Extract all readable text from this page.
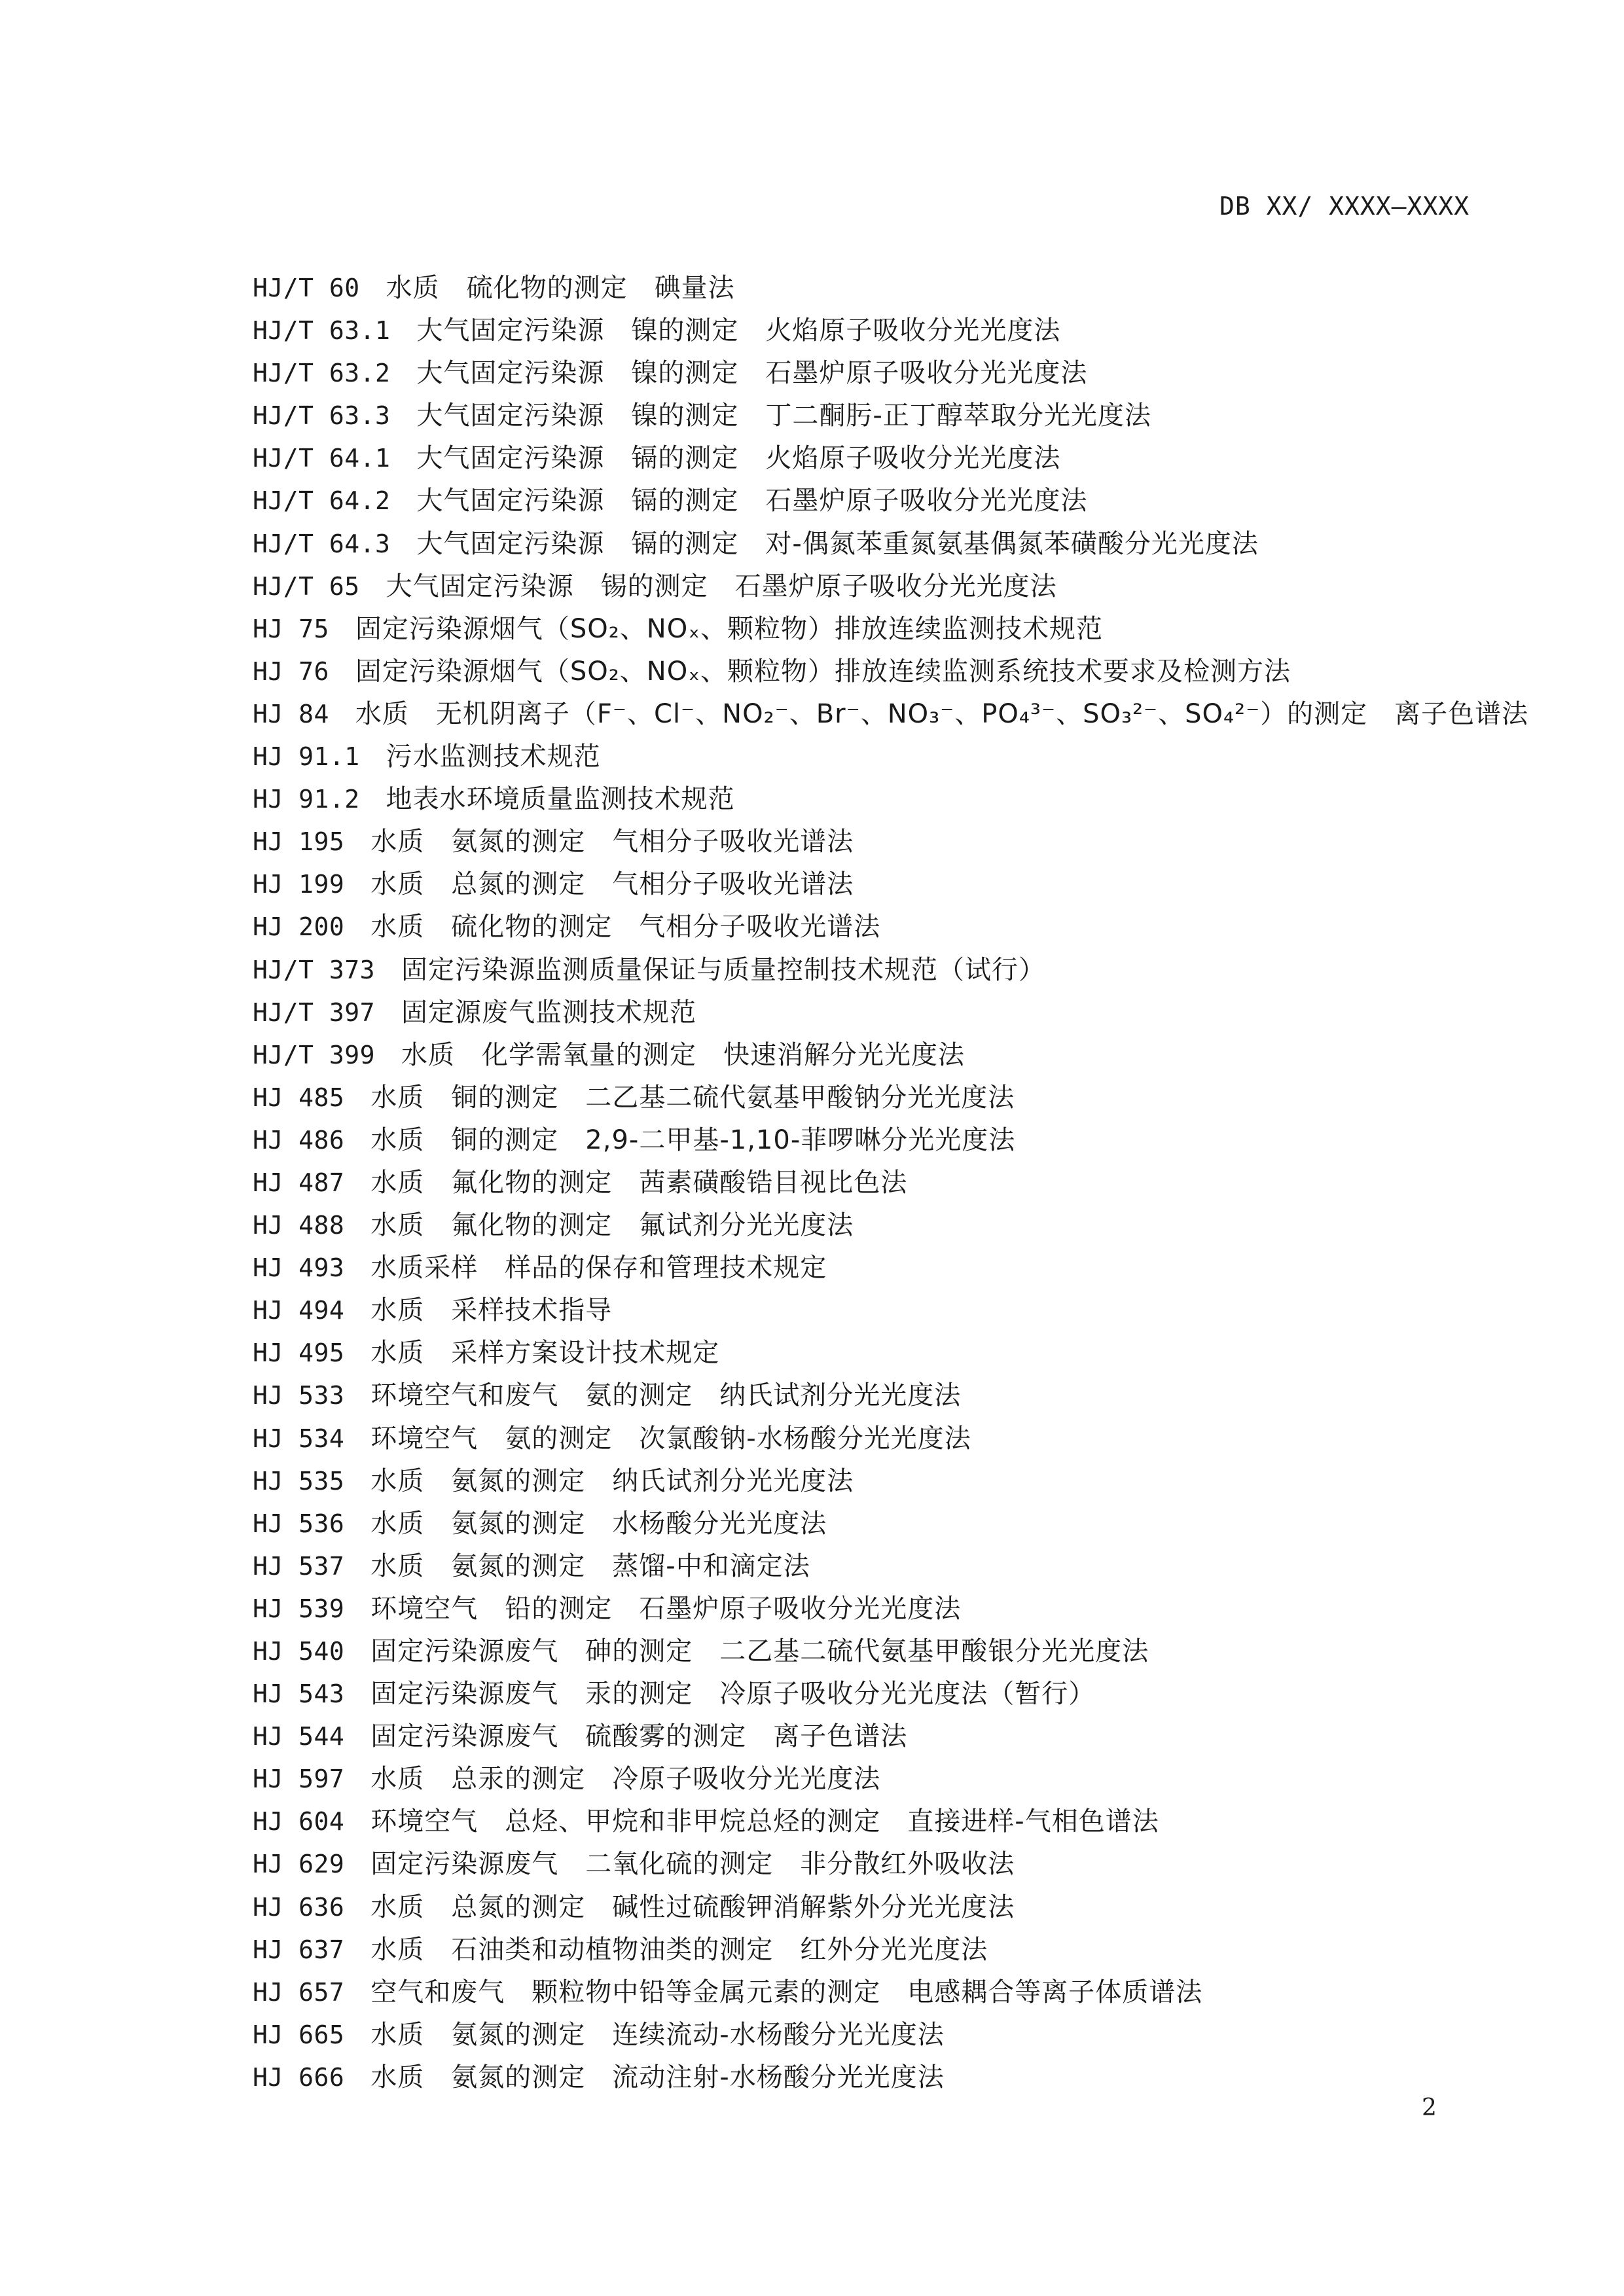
DB XX/ XXXX—XXXX
HJ/T 60  水质　硫化物的测定　碘量法
HJ/T 63.1  大气固定污染源　镍的测定　火焰原子吸收分光光度法
HJ/T 63.2  大气固定污染源　镍的测定　石墨炉原子吸收分光光度法
HJ/T 63.3  大气固定污染源　镍的测定　丁二酮肟-正丁醇萃取分光光度法
HJ/T 64.1  大气固定污染源　镉的测定　火焰原子吸收分光光度法
HJ/T 64.2  大气固定污染源　镉的测定　石墨炉原子吸收分光光度法
HJ/T 64.3  大气固定污染源　镉的测定　对-偶氮苯重氮氨基偶氮苯磺酸分光光度法
HJ/T 65  大气固定污染源　锡的测定　石墨炉原子吸收分光光度法
HJ 75  固定污染源烟气（SO₂、NOₓ、颗粒物）排放连续监测技术规范
HJ 76  固定污染源烟气（SO₂、NOₓ、颗粒物）排放连续监测系统技术要求及检测方法
HJ 84  水质　无机阴离子（F⁻、Cl⁻、NO₂⁻、Br⁻、NO₃⁻、PO₄³⁻、SO₃²⁻、SO₄²⁻）的测定　离子色谱法
HJ 91.1  污水监测技术规范
HJ 91.2  地表水环境质量监测技术规范
HJ 195  水质　氨氮的测定　气相分子吸收光谱法
HJ 199  水质　总氮的测定　气相分子吸收光谱法
HJ 200  水质　硫化物的测定　气相分子吸收光谱法
HJ/T 373  固定污染源监测质量保证与质量控制技术规范（试行）
HJ/T 397  固定源废气监测技术规范
HJ/T 399  水质　化学需氧量的测定　快速消解分光光度法
HJ 485  水质　铜的测定　二乙基二硫代氨基甲酸钠分光光度法
HJ 486  水质　铜的测定　2,9-二甲基-1,10-菲啰啉分光光度法
HJ 487  水质　氟化物的测定　茜素磺酸锆目视比色法
HJ 488  水质　氟化物的测定　氟试剂分光光度法
HJ 493  水质采样　样品的保存和管理技术规定
HJ 494  水质　采样技术指导
HJ 495  水质　采样方案设计技术规定
HJ 533  环境空气和废气　氨的测定　纳氏试剂分光光度法
HJ 534  环境空气　氨的测定　次氯酸钠-水杨酸分光光度法
HJ 535  水质　氨氮的测定　纳氏试剂分光光度法
HJ 536  水质　氨氮的测定　水杨酸分光光度法
HJ 537  水质　氨氮的测定　蒸馏-中和滴定法
HJ 539  环境空气　铅的测定　石墨炉原子吸收分光光度法
HJ 540  固定污染源废气　砷的测定　二乙基二硫代氨基甲酸银分光光度法
HJ 543  固定污染源废气　汞的测定　冷原子吸收分光光度法（暂行）
HJ 544  固定污染源废气　硫酸雾的测定　离子色谱法
HJ 597  水质　总汞的测定　冷原子吸收分光光度法
HJ 604  环境空气　总烃、甲烷和非甲烷总烃的测定　直接进样-气相色谱法
HJ 629  固定污染源废气　二氧化硫的测定　非分散红外吸收法
HJ 636  水质　总氮的测定　碱性过硫酸钾消解紫外分光光度法
HJ 637  水质　石油类和动植物油类的测定　红外分光光度法
HJ 657  空气和废气　颗粒物中铅等金属元素的测定　电感耦合等离子体质谱法
HJ 665  水质　氨氮的测定　连续流动-水杨酸分光光度法
HJ 666  水质　氨氮的测定　流动注射-水杨酸分光光度法
2
